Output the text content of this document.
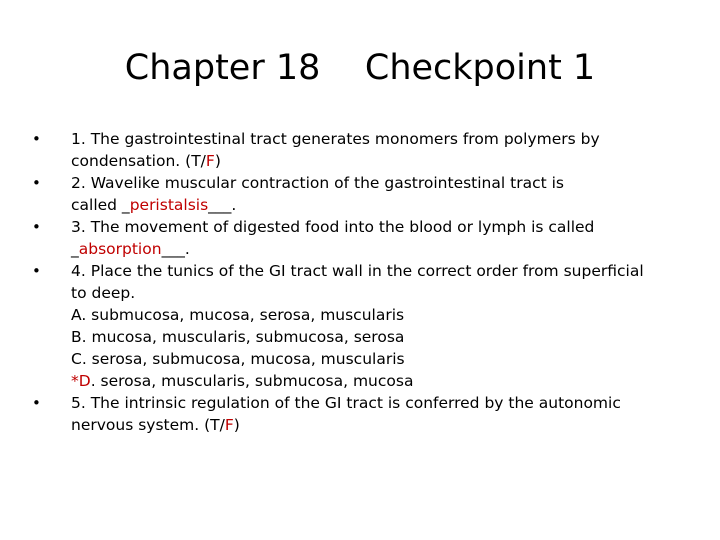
Chapter 18    Checkpoint 1
•	1. The gastrointestinal tract generates monomers from polymers by
condensation. (T/F)
•	2. Wavelike muscular contraction of the gastrointestinal tract is
called _peristalsis___.
•	3. The movement of digested food into the blood or lymph is called
_absorption___.
•	4. Place the tunics of the GI tract wall in the correct order from superficial
to deep.
A. submucosa, mucosa, serosa, muscularis
B. mucosa, muscularis, submucosa, serosa
C. serosa, submucosa, mucosa, muscularis
*D. serosa, muscularis, submucosa, mucosa
•	5. The intrinsic regulation of the GI tract is conferred by the autonomic
nervous system. (T/F)
